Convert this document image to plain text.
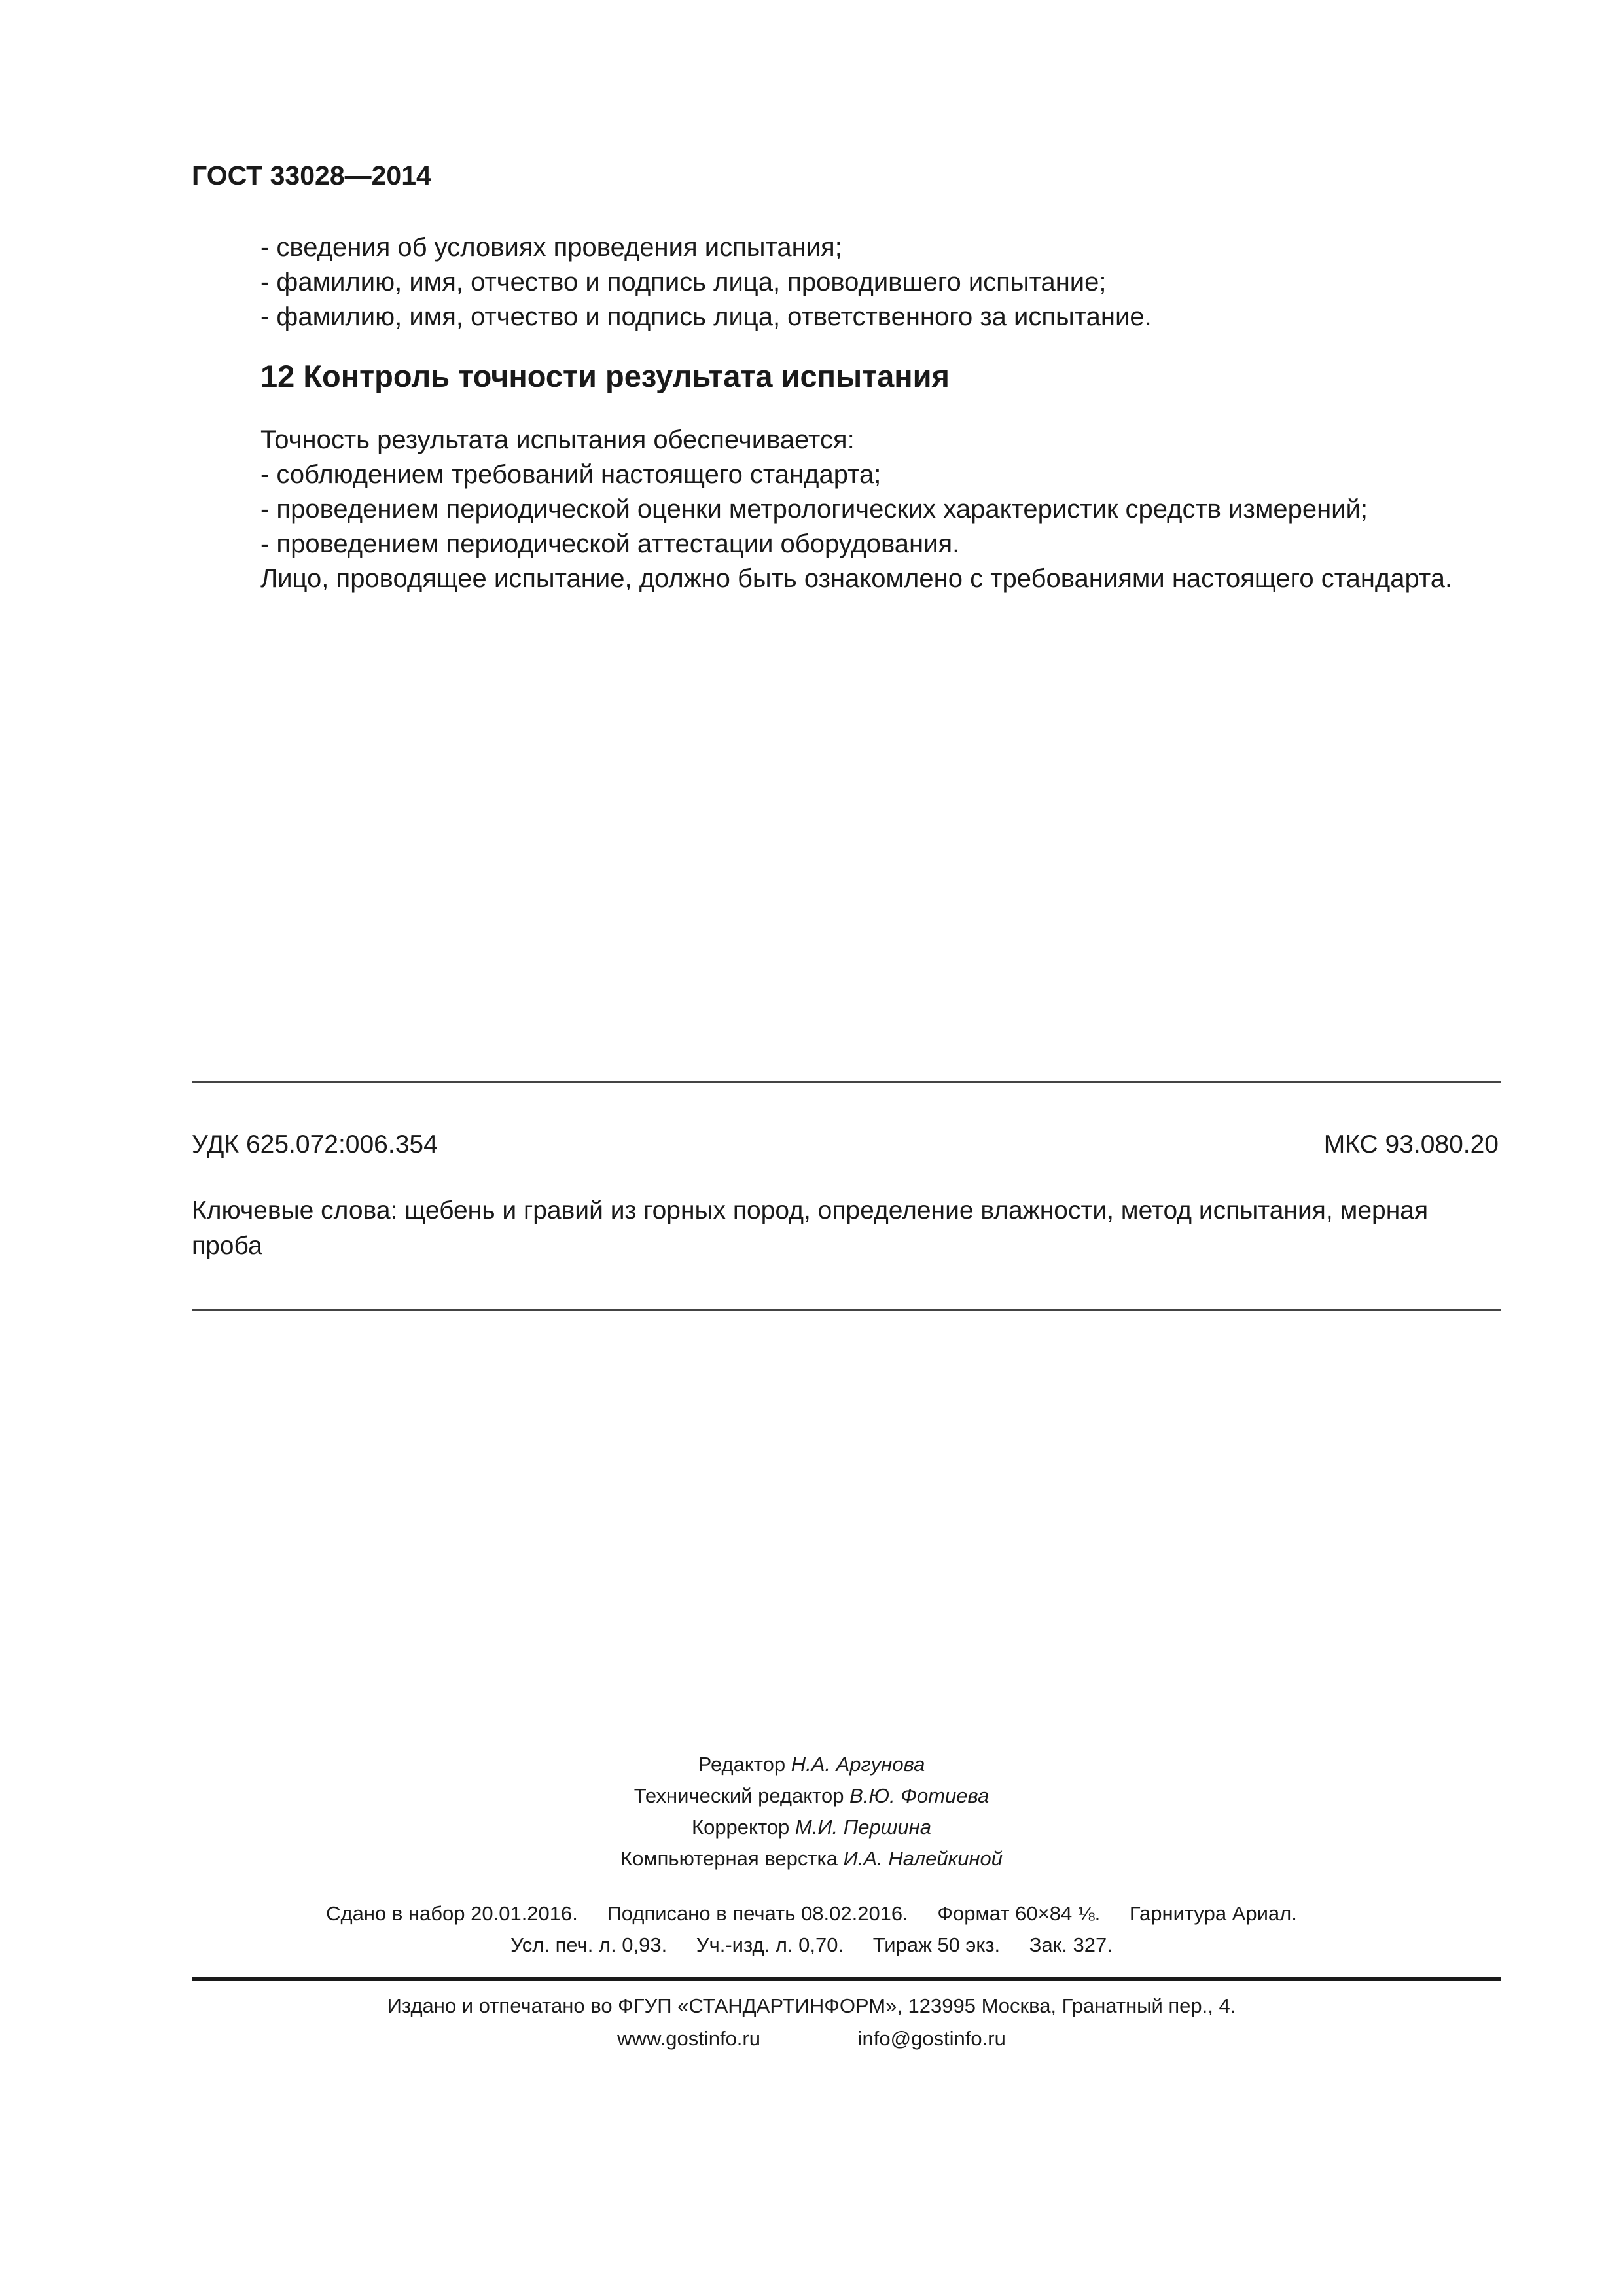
ГОСТ 33028—2014
- сведения об условиях проведения испытания;
- фамилию, имя, отчество и подпись лица, проводившего испытание;
- фамилию, имя, отчество и подпись лица, ответственного за испытание.
12 Контроль точности результата испытания
Точность результата испытания обеспечивается:
- соблюдением требований настоящего стандарта;
- проведением периодической оценки метрологических характеристик средств измерений;
- проведением периодической аттестации оборудования.
Лицо, проводящее испытание, должно быть ознакомлено с требованиями настоящего стандарта.
УДК 625.072:006.354	МКС 93.080.20
Ключевые слова: щебень и гравий из горных пород, определение влажности, метод испытания, мерная проба
Редактор Н.А. Аргунова
Технический редактор В.Ю. Фотиева
Корректор М.И. Першина
Компьютерная верстка И.А. Налейкиной
Сдано в набор 20.01.2016. Подписано в печать 08.02.2016. Формат 60×84 ⅛. Гарнитура Ариал.
Усл. печ. л. 0,93. Уч.-изд. л. 0,70. Тираж 50 экз. Зак. 327.
Издано и отпечатано во ФГУП «СТАНДАРТИНФОРМ», 123995 Москва, Гранатный пер., 4.
www.gostinfo.ru	info@gostinfo.ru
